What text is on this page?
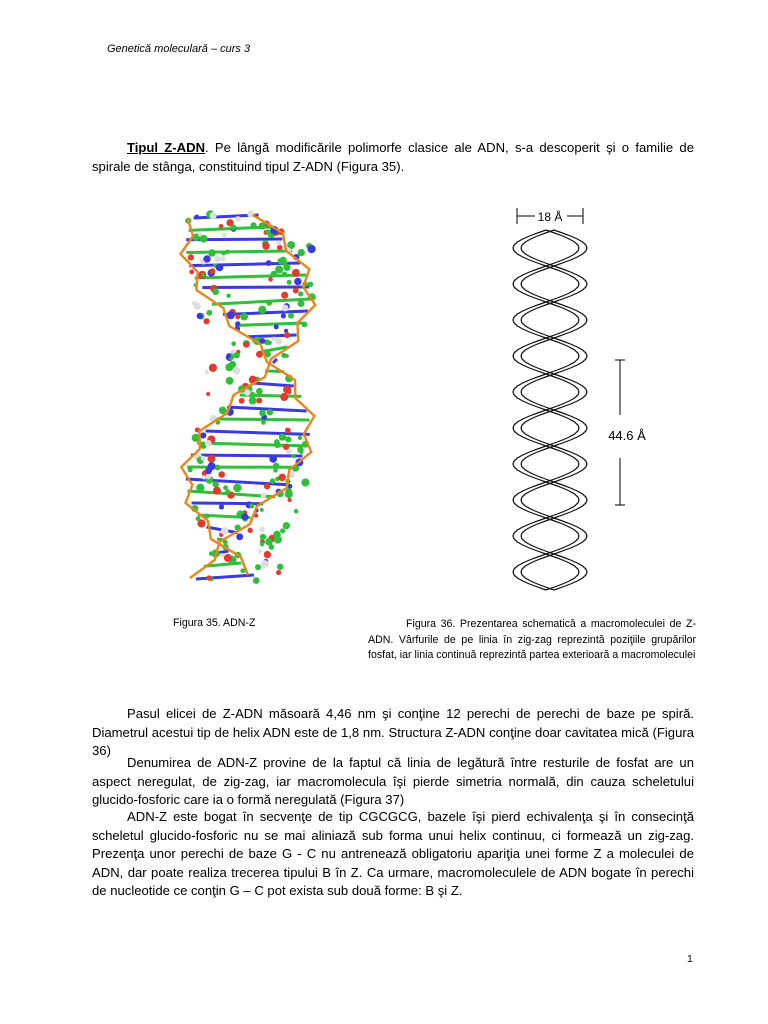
Genetică moleculară – curs 3
Tipul Z-ADN. Pe lângă modificările polimorfe clasice ale ADN, s-a descoperit şi o familie de spirale de stânga, constituind tipul Z-ADN (Figura 35).
18 Å
44.6 Å
Figura 35. ADN-Z	Figura 36. Prezentarea schematică a macromoleculei de Z-ADN. Vârfurile de pe linia în zig-zag reprezintă poziţiile grupărilor fosfat, iar linia continuă reprezintă partea exterioară a macromoleculei
Pasul elicei de Z-ADN măsoară 4,46 nm şi conţine 12 perechi de perechi de baze pe spiră. Diametrul acestui tip de helix ADN este de 1,8 nm. Structura Z-ADN conţine doar cavitatea mică (Figura 36)
Denumirea de ADN-Z provine de la faptul că linia de legătură între resturile de fosfat are un aspect neregulat, de zig-zag, iar macromolecula îşi pierde simetria normală, din cauza scheletului glucido-fosforic care ia o formă neregulată (Figura 37)
ADN-Z este bogat în secvenţe de tip CGCGCG, bazele îşi pierd echivalenţa şi în consecinţă scheletul glucido-fosforic nu se mai aliniază sub forma unui helix continuu, ci formează un zig-zag. Prezenţa unor perechi de baze G - C nu antrenează obligatoriu apariţia unei forme Z a moleculei de ADN, dar poate realiza trecerea tipului B în Z. Ca urmare, macromoleculele de ADN bogate în perechi de nucleotide ce conţin G – C pot exista sub două forme: B şi Z.
1
